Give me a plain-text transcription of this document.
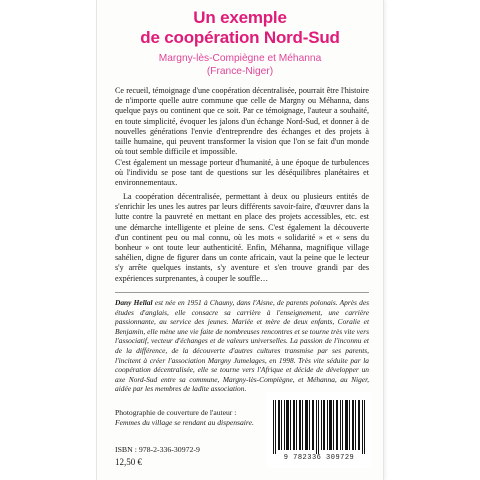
Un exemple
de coopération Nord-Sud
Margny-lès-Compiègne et Méhanna
(France-Niger)
Ce recueil, témoignage d'une coopération décentralisée, pourrait être l'histoire de n'importe quelle autre commune que celle de Margny ou Méhanna, dans quelque pays ou continent que ce soit. Par ce témoignage, l'auteur a souhaité, en toute simplicité, évoquer les jalons d'un échange Nord-Sud, et donner à de nouvelles générations l'envie d'entreprendre des échanges et des projets à taille humaine, qui peuvent transformer la vision que l'on se fait d'un monde où tout semble difficile et impossible.
C'est également un message porteur d'humanité, à une époque de turbulences où l'individu se pose tant de questions sur les déséquilibres planétaires et environnementaux.
La coopération décentralisée, permettant à deux ou plusieurs entités de s'enrichir les unes les autres par leurs différents savoir-faire, d'œuvrer dans la lutte contre la pauvreté en mettant en place des projets accessibles, etc. est une démarche intelligente et pleine de sens. C'est également la découverte d'un continent peu ou mal connu, où les mots « solidarité » et « sens du bonheur » ont toute leur authenticité. Enfin, Méhanna, magnifique village sahélien, digne de figurer dans un conte africain, vaut la peine que le lecteur s'y arrête quelques instants, s'y aventure et s'en trouve grandi par des expériences surprenantes, à couper le souffle…
Dany Hellal est née en 1951 à Chauny, dans l'Aisne, de parents polonais. Après des études d'anglais, elle consacre sa carrière à l'enseignement, une carrière passionnante, au service des jeunes. Mariée et mère de deux enfants, Coralie et Benjamin, elle mène une vie faite de nombreuses rencontres et se tourne très vite vers l'associatif, vecteur d'échanges et de valeurs universelles. La passion de l'inconnu et de la différence, de la découverte d'autres cultures transmise par ses parents, l'incitent à créer l'association Margny Jumelages, en 1998. Très vite séduite par la coopération décentralisée, elle se tourne vers l'Afrique et décide de développer un axe Nord-Sud entre sa commune, Margny-lès-Compiègne, et Méhanna, au Niger, aidée par les membres de ladite association.
Photographie de couverture de l'auteur :
Femmes du village se rendant au dispensaire.
ISBN : 978-2-336-30972-9
12,50 €	9 782336 309729
